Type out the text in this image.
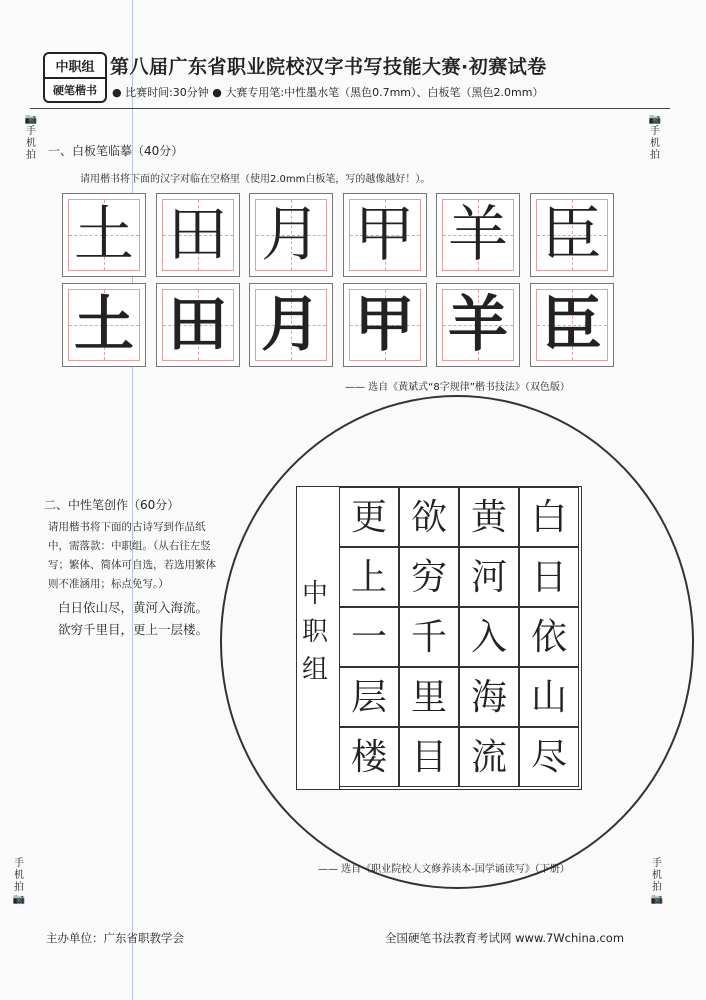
中职组
硬笔楷书
第八届广东省职业院校汉字书写技能大赛·初赛试卷
● 比赛时间:30分钟 ● 大赛专用笔:中性墨水笔（黑色0.7mm）、白板笔（黑色2.0mm）
📷
手机拍
📷
手机拍
手机拍
📷
手机拍
📷
一、白板笔临摹（40分）
请用楷书将下面的汉字对临在空格里（使用2.0mm白板笔，写的越像越好！）。
土 田 月 甲 羊 臣
土 田 月 甲 羊 臣
—— 选自《黄斌式“8字规律”楷书技法》（双色版）
二、中性笔创作（60分）
请用楷书将下面的古诗写到作品纸中，需落款：中职组。（从右往左竖写；繁体、简体可自选，若选用繁体则不准涵用；标点免写。）
白日依山尽，黄河入海流。
欲穷千里目，更上一层楼。
白
日
依
山
尽
黄
河
入
海
流
欲
穷
千
里
目
更
上
一
层
楼
中职组
—— 选自《职业院校人文修养读本-国学诵读写》（下册）
主办单位：广东省职教学会	全国硬笔书法教育考试网 www.7Wchina.com
